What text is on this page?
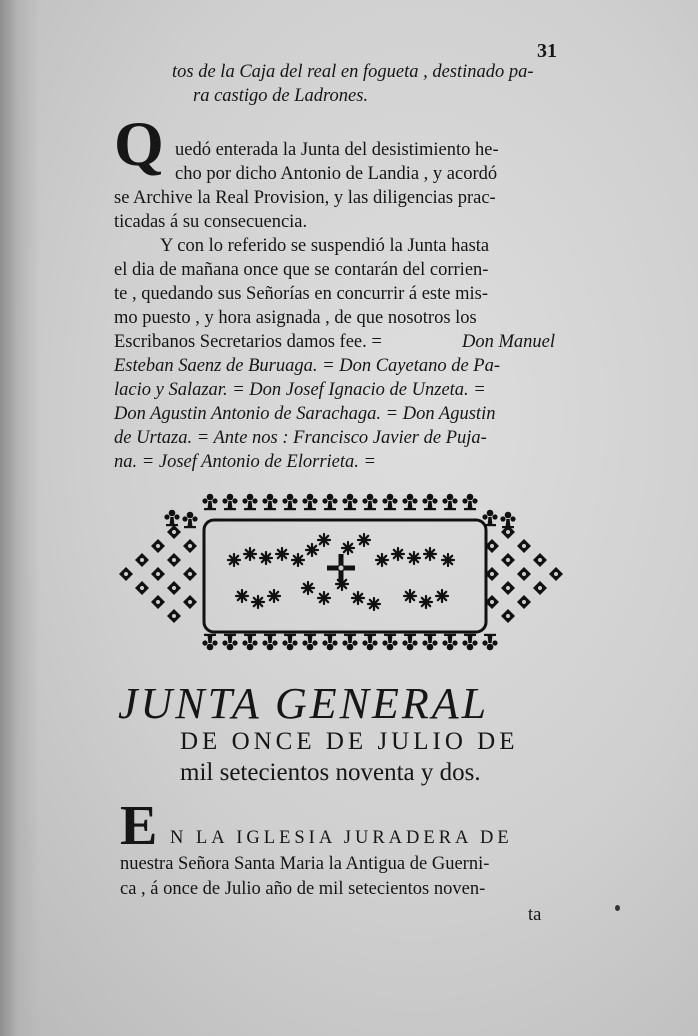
31
tos de la Caja del real en fogueta , destinado pa-
ra castigo de Ladrones.
Q uedó enterada la Junta del desistimiento he-
cho por dicho Antonio de Landia , y acordó
se Archive la Real Provision, y las diligencias prac-
ticadas á su consecuencia.
Y con lo referido se suspendió la Junta hasta
el dia de mañana once que se contarán del corrien-
te , quedando sus Señorías en concurrir á este mis-
mo puesto , y hora asignada , de que nosotros los
Escribanos Secretarios damos fee. =	Don Manuel
Esteban Saenz de Buruaga. = Don Cayetano de Pa-
lacio y Salazar. = Don Josef Ignacio de Unzeta. =
Don Agustin Antonio de Sarachaga. = Don Agustin
de Urtaza. = Ante nos : Francisco Javier de Puja-
na. = Josef Antonio de Elorrieta. =
JUNTA GENERAL
DE ONCE DE JULIO DE
mil setecientos noventa y dos.
E N LA IGLESIA JURADERA DE
nuestra Señora Santa Maria la Antigua de Guerni-
ca , á once de Julio año de mil setecientos noven-
ta
